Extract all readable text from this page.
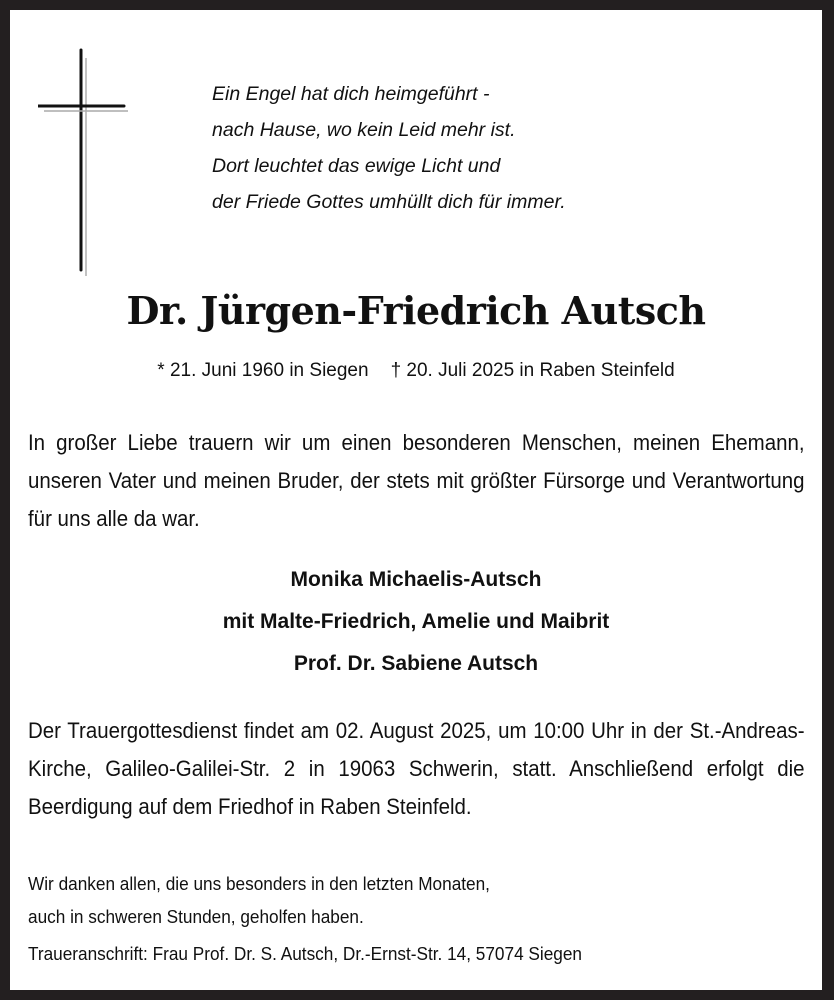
Ein Engel hat dich heimgeführt -
nach Hause, wo kein Leid mehr ist.
Dort leuchtet das ewige Licht und
der Friede Gottes umhüllt dich für immer.
Dr. Jürgen-Friedrich Autsch
* 21. Juni 1960 in Siegen † 20. Juli 2025 in Raben Steinfeld
In großer Liebe trauern wir um einen besonderen Menschen, meinen Ehemann, unseren Vater und meinen Bruder, der stets mit größter Fürsorge und Verantwortung für uns alle da war.
Monika Michaelis-Autsch
mit Malte-Friedrich, Amelie und Maibrit
Prof. Dr. Sabiene Autsch
Der Trauergottesdienst findet am 02. August 2025, um 10:00 Uhr in der St.-Andreas-Kirche, Galileo-Galilei-Str. 2 in 19063 Schwerin, statt. Anschließend erfolgt die Beerdigung auf dem Friedhof in Raben Steinfeld.
Wir danken allen, die uns besonders in den letzten Monaten,
auch in schweren Stunden, geholfen haben.
Traueranschrift: Frau Prof. Dr. S. Autsch, Dr.-Ernst-Str. 14, 57074 Siegen
